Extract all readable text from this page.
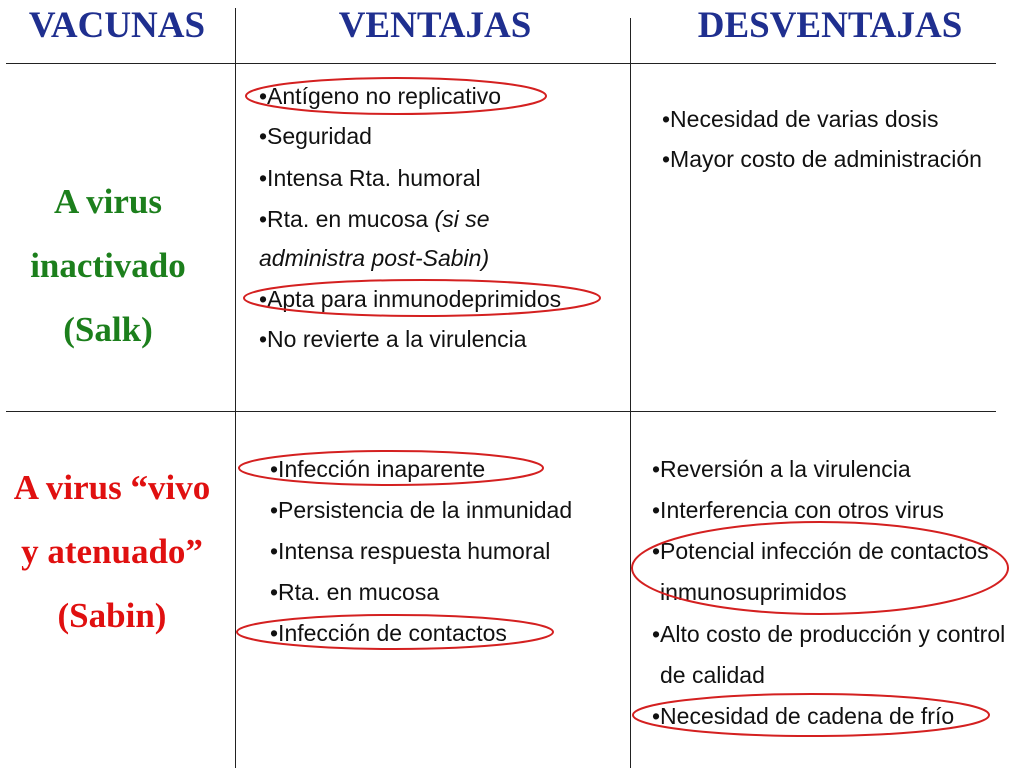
VACUNAS	VENTAJAS	DESVENTAJAS
A virus
inactivado
(Salk)
•Antígeno no replicativo
•Seguridad
•Intensa Rta. humoral
•Rta. en mucosa (si se
administra post-Sabin)
•Apta para inmunodeprimidos
•No revierte a la virulencia
•Necesidad de varias dosis
•Mayor costo de administración
A virus “vivo
y atenuado”
(Sabin)
•Infección inaparente
•Persistencia de la inmunidad
•Intensa respuesta humoral
•Rta. en mucosa
•Infección de contactos
•Reversión a la virulencia
•Interferencia con otros virus
•Potencial infección de contactos
inmunosuprimidos
•Alto costo de producción y control
de calidad
•Necesidad de cadena de frío
